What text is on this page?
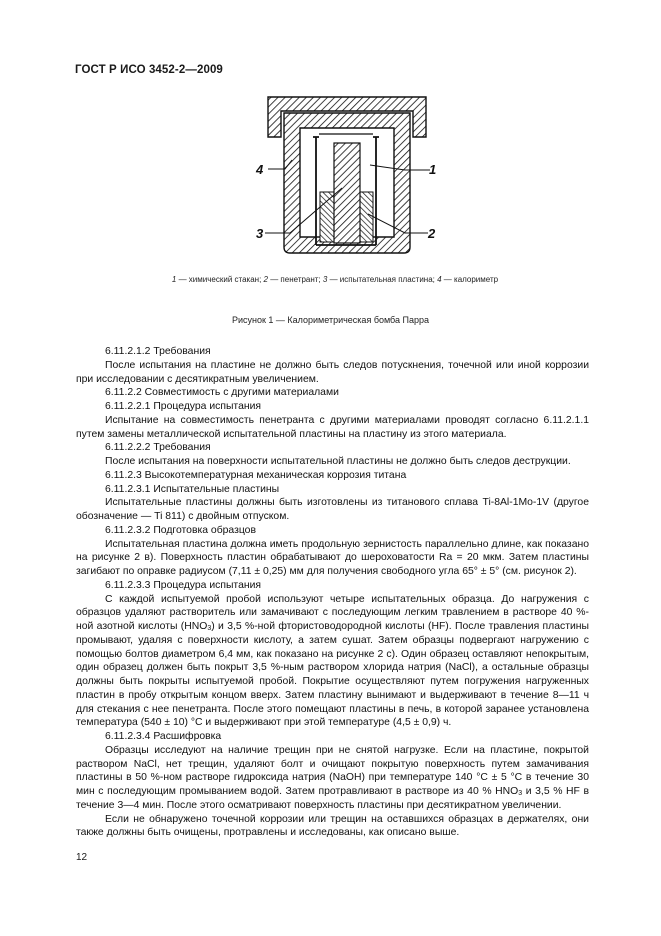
ГОСТ Р ИСО 3452-2—2009
1
2
3
4
1 — химический стакан; 2 — пенетрант; 3 — испытательная пластина; 4 — калориметр
Рисунок 1 — Калориметрическая бомба Парра

6.11.2.1.2 Требования

После испытания на пластине не должно быть следов потускнения, точечной или иной коррозии при исследовании с десятикратным увеличением.

6.11.2.2 Совместимость с другими материалами

6.11.2.2.1 Процедура испытания

Испытание на совместимость пенетранта с другими материалами проводят согласно 6.11.2.1.1 путем замены металлической испытательной пластины на пластину из этого материала.

6.11.2.2.2 Требования

После испытания на поверхности испытательной пластины не должно быть следов деструкции.

6.11.2.3 Высокотемпературная механическая коррозия титана

6.11.2.3.1 Испытательные пластины

Испытательные пластины должны быть изготовлены из титанового сплава Ti-8Al-1Mo-1V (другое обозначение — Ti 811) с двойным отпуском.

6.11.2.3.2 Подготовка образцов

Испытательная пластина должна иметь продольную зернистость параллельно длине, как показано на рисунке 2 в). Поверхность пластин обрабатывают до шероховатости Ra = 20 мкм. Затем пластины загибают по оправке радиусом (7,11 ± 0,25) мм для получения свободного угла 65° ± 5° (см. рисунок 2).

6.11.2.3.3 Процедура испытания

С каждой испытуемой пробой используют четыре испытательных образца. До нагружения с образцов удаляют растворитель или замачивают с последующим легким травлением в растворе 40 %-ной азотной кислоты $(HNO_3)$ и 3,5 %-ной фтористоводородной кислоты (HF). После травления пластины промывают, удаляя с поверхности кислоту, а затем сушат. Затем образцы подвергают нагружению с помощью болтов диаметром 6,4 мм, как показано на рисунке 2 с). Один образец оставляют непокрытым, один образец должен быть покрыт 3,5 %-ным раствором хлорида натрия (NaCl), а остальные образцы должны быть покрыты испытуемой пробой. Покрытие осуществляют путем погружения нагруженных пластин в пробу открытым концом вверх. Затем пластину вынимают и выдерживают в течение 8—11 ч для стекания с нее пенетранта. После этого помещают пластины в печь, в которой заранее установлена температура (540 ± 10) °С и выдерживают при этой температуре (4,5 ± 0,9) ч.

6.11.2.3.4 Расшифровка

Образцы исследуют на наличие трещин при не снятой нагрузке. Если на пластине, покрытой раствором NaCl, нет трещин, удаляют болт и очищают покрытую поверхность путем замачивания пластины в 50 %-ном растворе гидроксида натрия (NaOH) при температуре 140 °С ± 5 °С в течение 30 мин с последующим промыванием водой. Затем протравливают в растворе из 40 % $HNO_3$ и 3,5 % HF в течение 3—4 мин. После этого осматривают поверхность пластины при десятикратном увеличении.

Если не обнаружено точечной коррозии или трещин на оставшихся образцах в держателях, они также должны быть очищены, протравлены и исследованы, как описано выше.

12
